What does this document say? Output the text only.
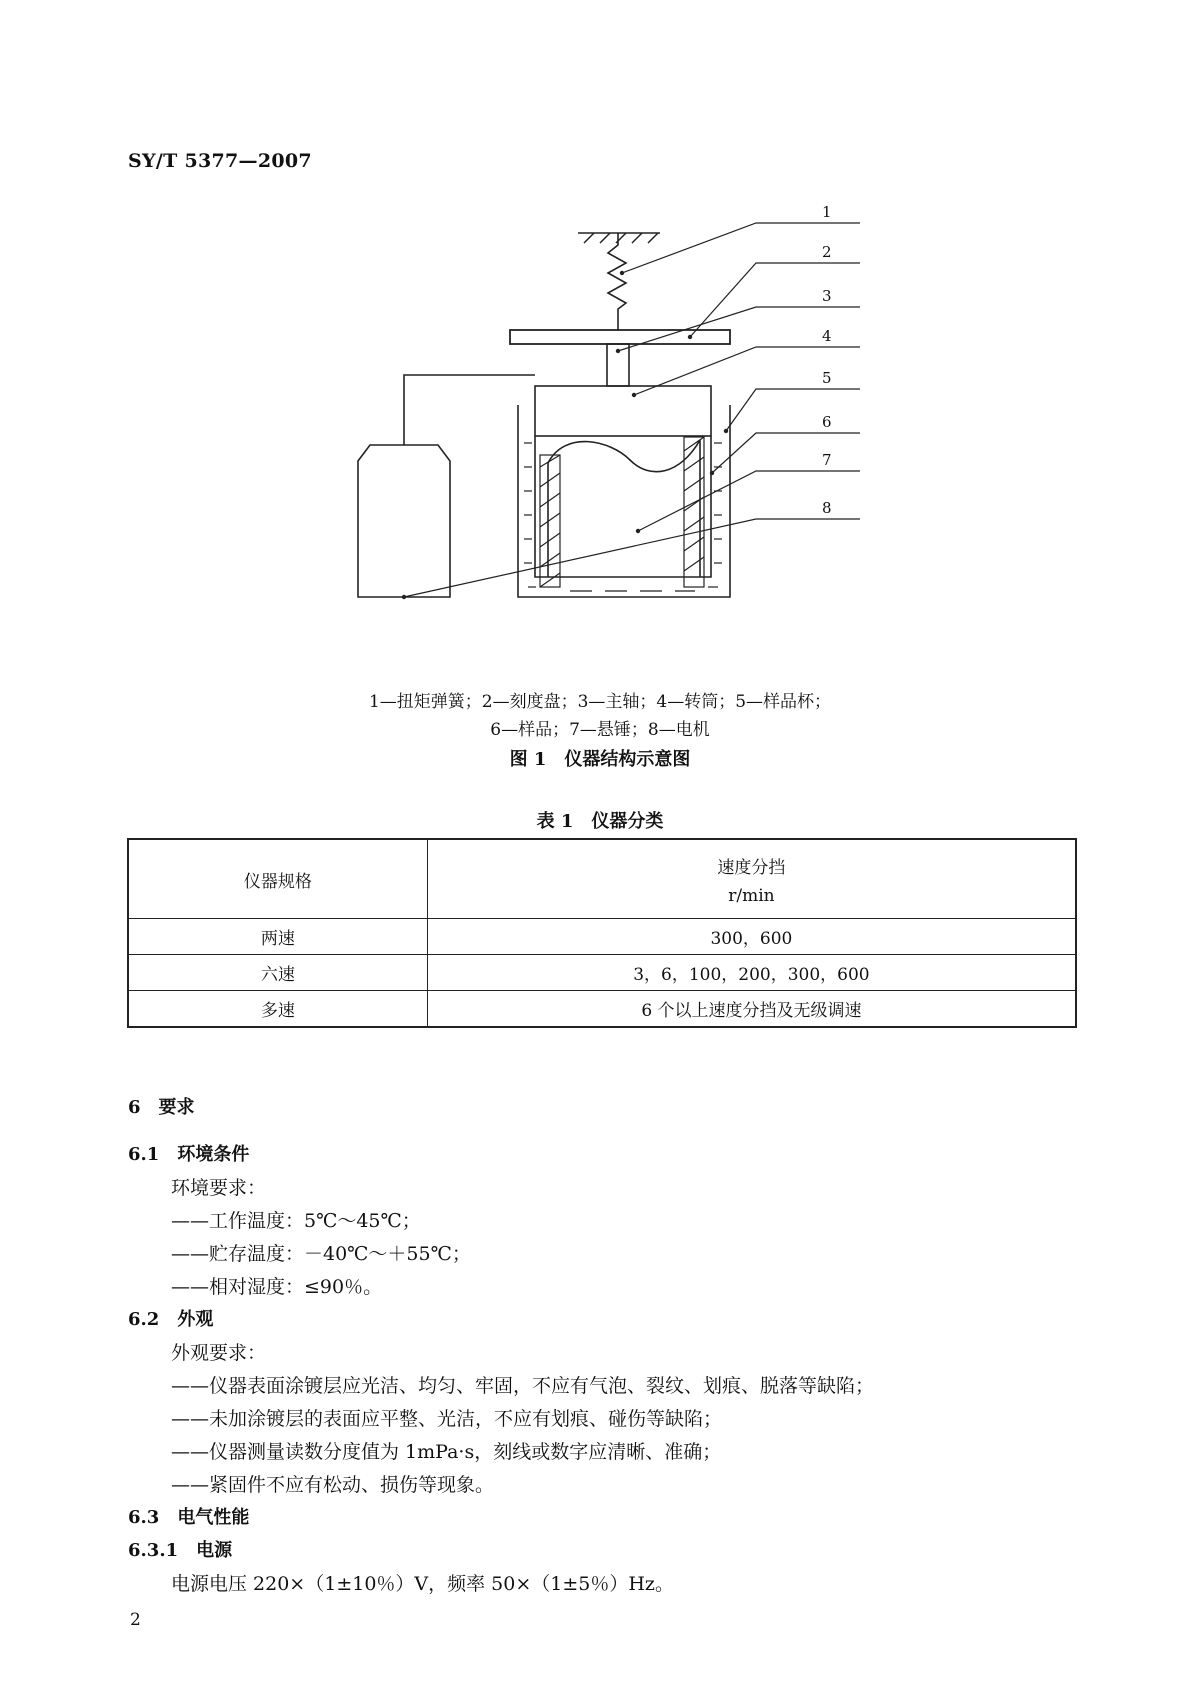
SY/T 5377—2007
1
2
3
4
5
6
7
8
1—扭矩弹簧；2—刻度盘；3—主轴；4—转筒；5—样品杯；
6—样品；7—悬锤；8—电机
图 1　仪器结构示意图
表 1　仪器分类
仪器规格	速度分挡
r/min

两速	300，600
六速	3，6，100，200，300，600
多速	6 个以上速度分挡及无级调速
6　要求
6.1　环境条件
环境要求：
——工作温度：5℃～45℃；
——贮存温度：－40℃～＋55℃；
——相对湿度：≤90％。
6.2　外观
外观要求：
——仪器表面涂镀层应光洁、均匀、牢固，不应有气泡、裂纹、划痕、脱落等缺陷；
——未加涂镀层的表面应平整、光洁，不应有划痕、碰伤等缺陷；
——仪器测量读数分度值为 1mPa·s，刻线或数字应清晰、准确；
——紧固件不应有松动、损伤等现象。
6.3　电气性能
6.3.1　电源
电源电压 220×（1±10％）V，频率 50×（1±5％）Hz。
2
